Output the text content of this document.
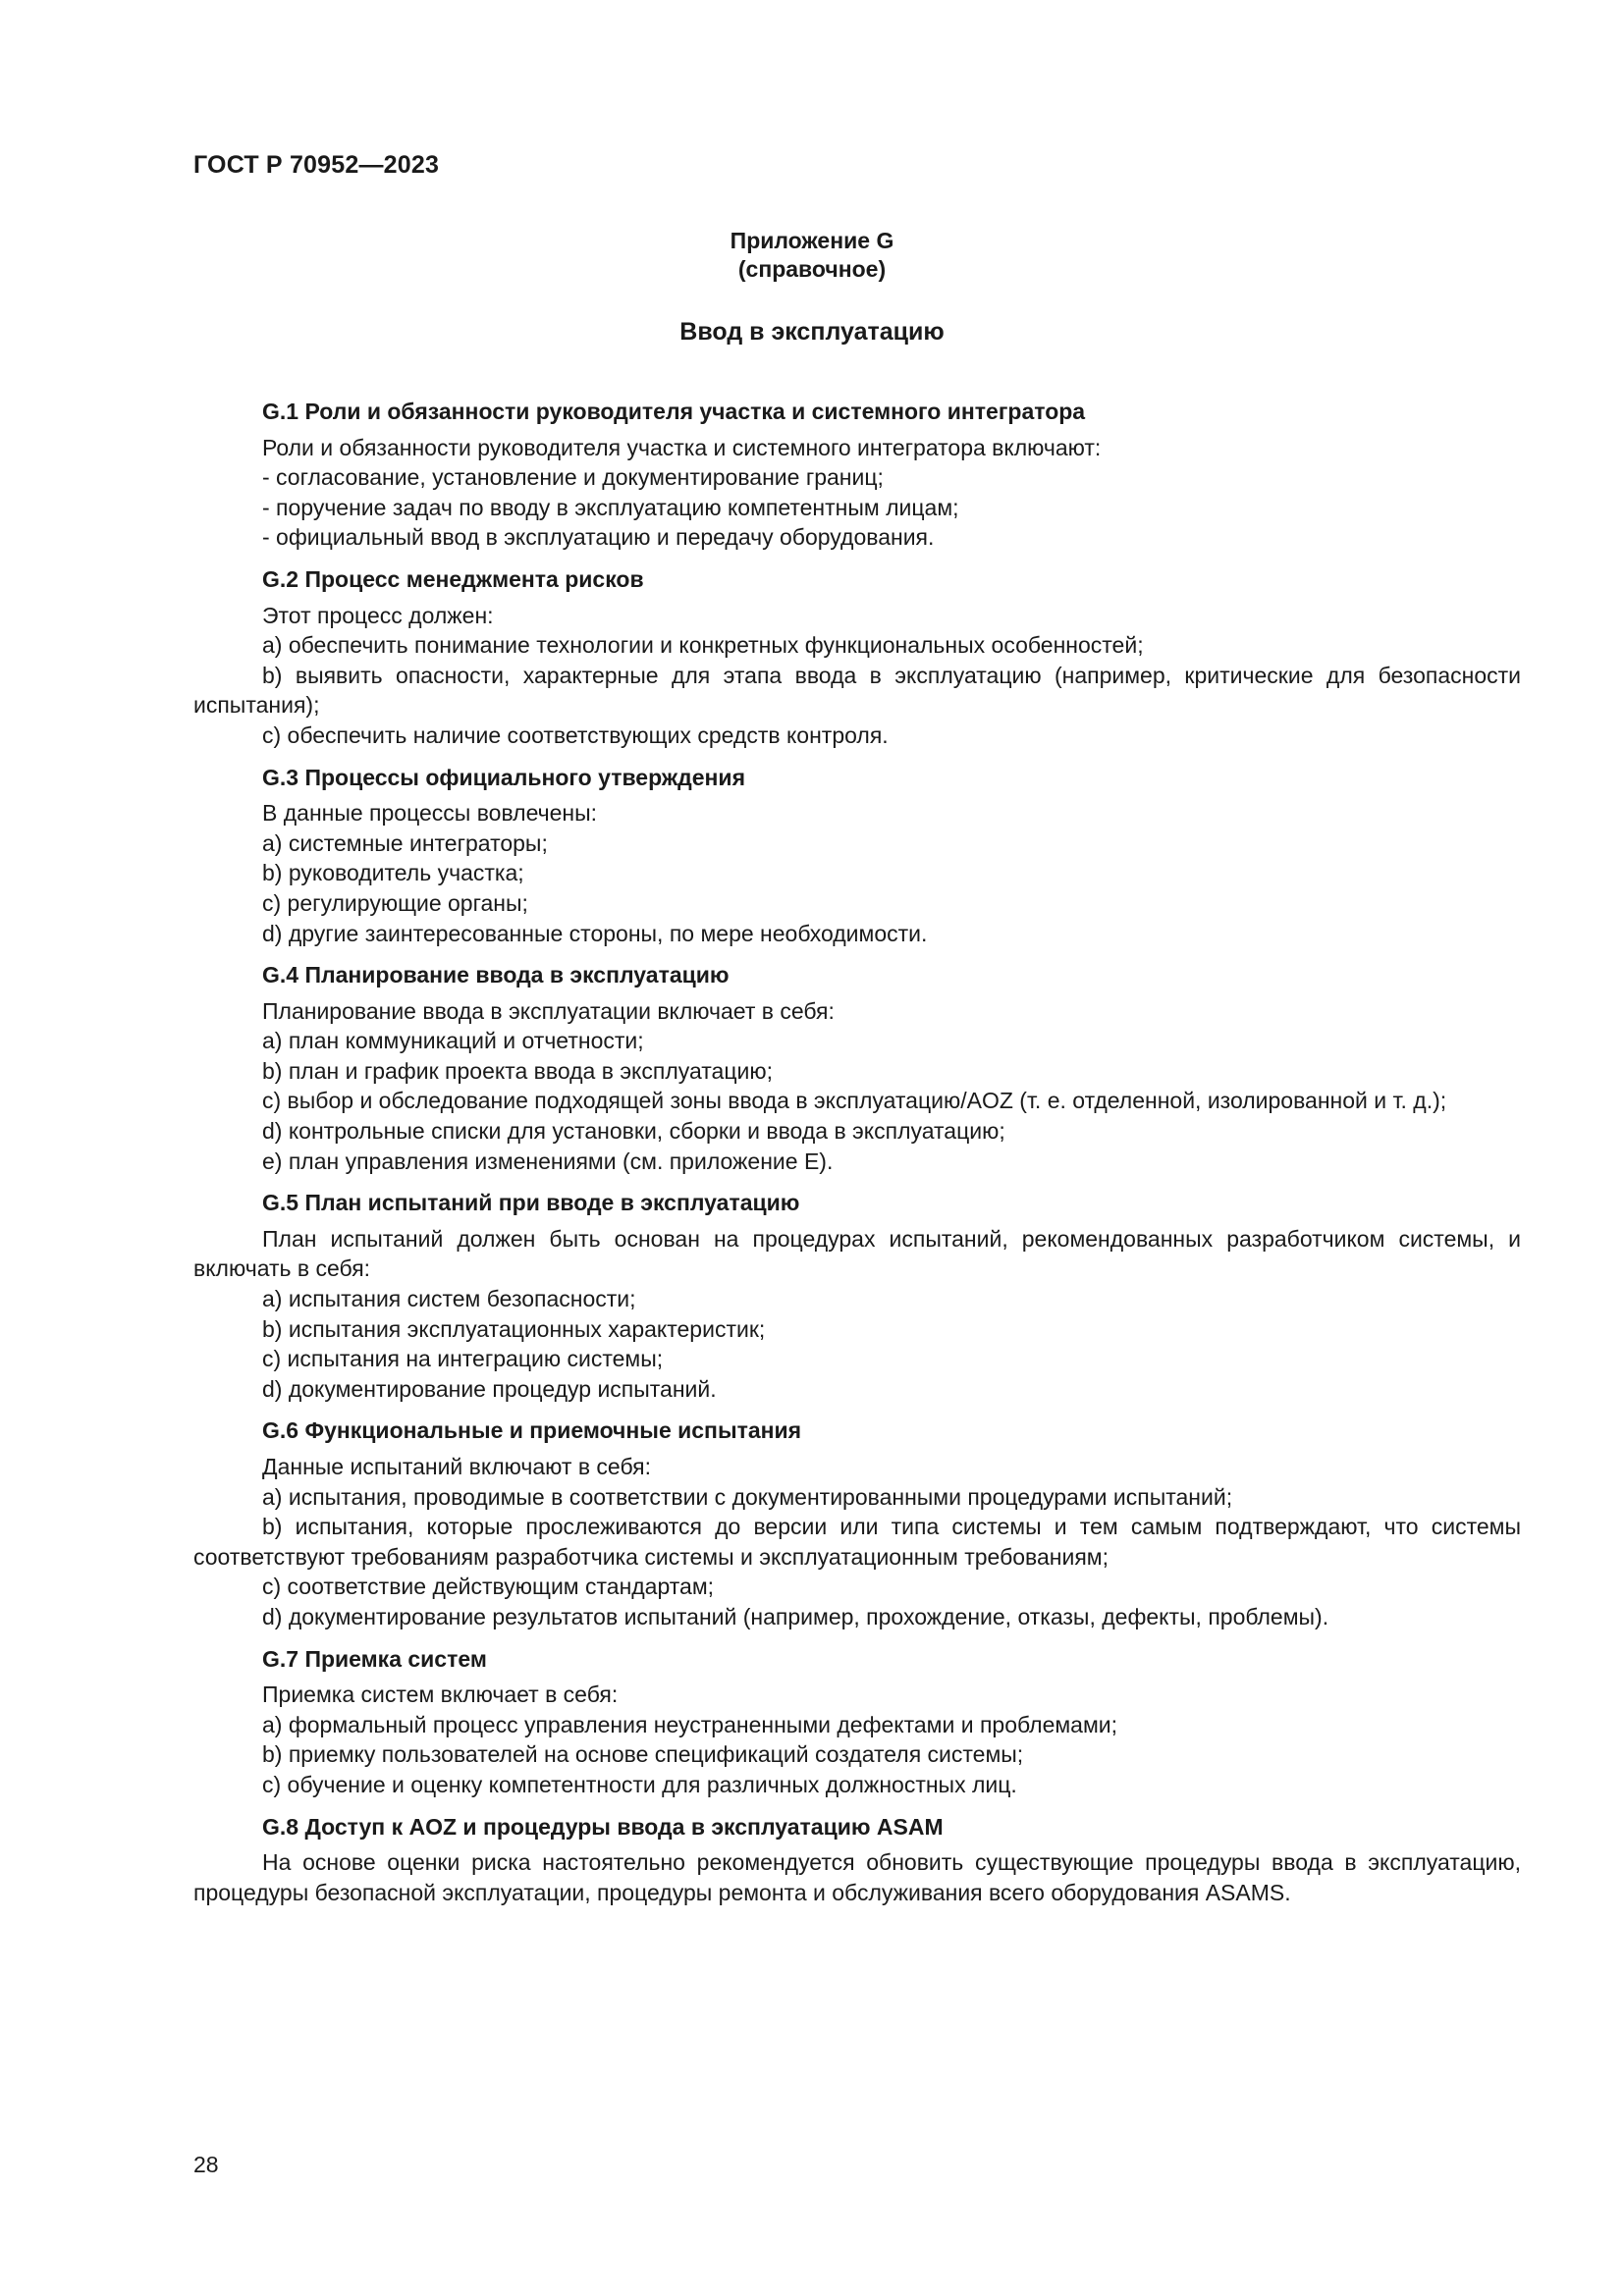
ГОСТ Р 70952—2023
Приложение G
(справочное)
Ввод в эксплуатацию
G.1 Роли и обязанности руководителя участка и системного интегратора

Роли и обязанности руководителя участка и системного интегратора включают:

- согласование, установление и документирование границ;

- поручение задач по вводу в эксплуатацию компетентным лицам;

- официальный ввод в эксплуатацию и передачу оборудования.

G.2 Процесс менеджмента рисков

Этот процесс должен:

a) обеспечить понимание технологии и конкретных функциональных особенностей;

b) выявить опасности, характерные для этапа ввода в эксплуатацию (например, критические для безопасности испытания);

c) обеспечить наличие соответствующих средств контроля.

G.3 Процессы официального утверждения

В данные процессы вовлечены:

a) системные интеграторы;

b) руководитель участка;

c) регулирующие органы;

d) другие заинтересованные стороны, по мере необходимости.

G.4 Планирование ввода в эксплуатацию

Планирование ввода в эксплуатации включает в себя:

a) план коммуникаций и отчетности;

b) план и график проекта ввода в эксплуатацию;

c) выбор и обследование подходящей зоны ввода в эксплуатацию/AOZ (т. е. отделенной, изолированной и т. д.);

d) контрольные списки для установки, сборки и ввода в эксплуатацию;

e) план управления изменениями (см. приложение Е).

G.5 План испытаний при вводе в эксплуатацию

План испытаний должен быть основан на процедурах испытаний, рекомендованных разработчиком системы, и включать в себя:

a) испытания систем безопасности;

b) испытания эксплуатационных характеристик;

c) испытания на интеграцию системы;

d) документирование процедур испытаний.

G.6 Функциональные и приемочные испытания

Данные испытаний включают в себя:

a) испытания, проводимые в соответствии с документированными процедурами испытаний;

b) испытания, которые прослеживаются до версии или типа системы и тем самым подтверждают, что системы соответствуют требованиям разработчика системы и эксплуатационным требованиям;

c) соответствие действующим стандартам;

d) документирование результатов испытаний (например, прохождение, отказы, дефекты, проблемы).

G.7 Приемка систем

Приемка систем включает в себя:

a) формальный процесс управления неустраненными дефектами и проблемами;

b) приемку пользователей на основе спецификаций создателя системы;

c) обучение и оценку компетентности для различных должностных лиц.

G.8 Доступ к AOZ и процедуры ввода в эксплуатацию ASAM

На основе оценки риска настоятельно рекомендуется обновить существующие процедуры ввода в эксплуатацию, процедуры безопасной эксплуатации, процедуры ремонта и обслуживания всего оборудования ASAMS.

28
